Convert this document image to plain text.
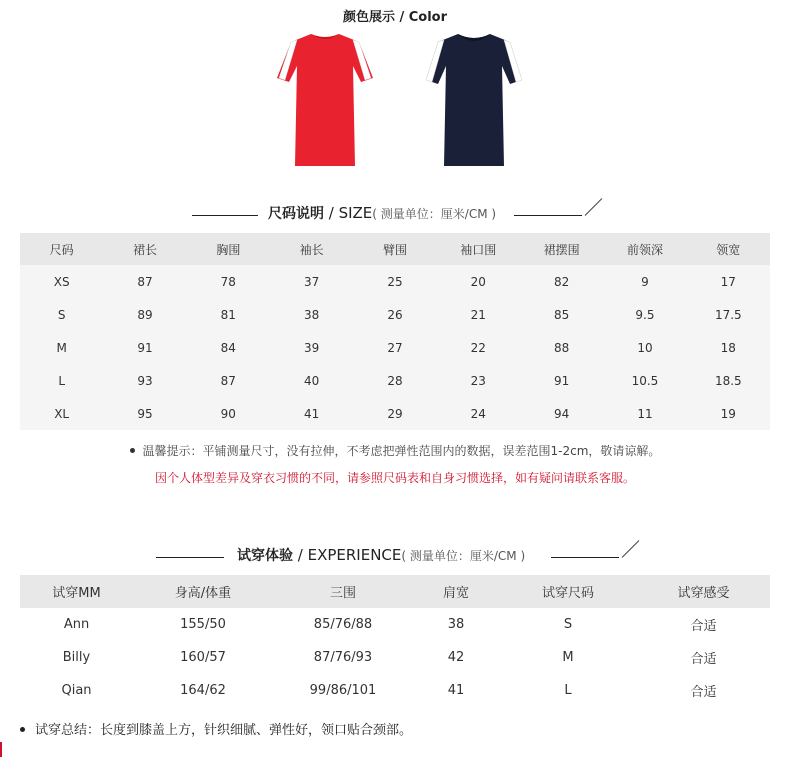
颜色展示 / Color
尺码说明 / SIZE( 测量单位：厘米/CM )
尺码	裙长	胸围	袖长	臂围	袖口围	裙摆围	前领深	领宽
XS	87	78	37	25	20	82	9	17
S	89	81	38	26	21	85	9.5	17.5
M	91	84	39	27	22	88	10	18
L	93	87	40	28	23	91	10.5	18.5
XL	95	90	41	29	24	94	11	19
温馨提示：平铺测量尺寸，没有拉伸，不考虑把弹性范围内的数据，误差范围1-2cm，敬请谅解。
因个人体型差异及穿衣习惯的不同，请参照尺码表和自身习惯选择，如有疑问请联系客服。
试穿体验 / EXPERIENCE( 测量单位：厘米/CM )
试穿MM	身高/体重	三围	肩宽	试穿尺码	试穿感受
Ann	155/50	85/76/88	38	S	合适
Billy	160/57	87/76/93	42	M	合适
Qian	164/62	99/86/101	41	L	合适
试穿总结：长度到膝盖上方，针织细腻、弹性好，领口贴合颈部。
